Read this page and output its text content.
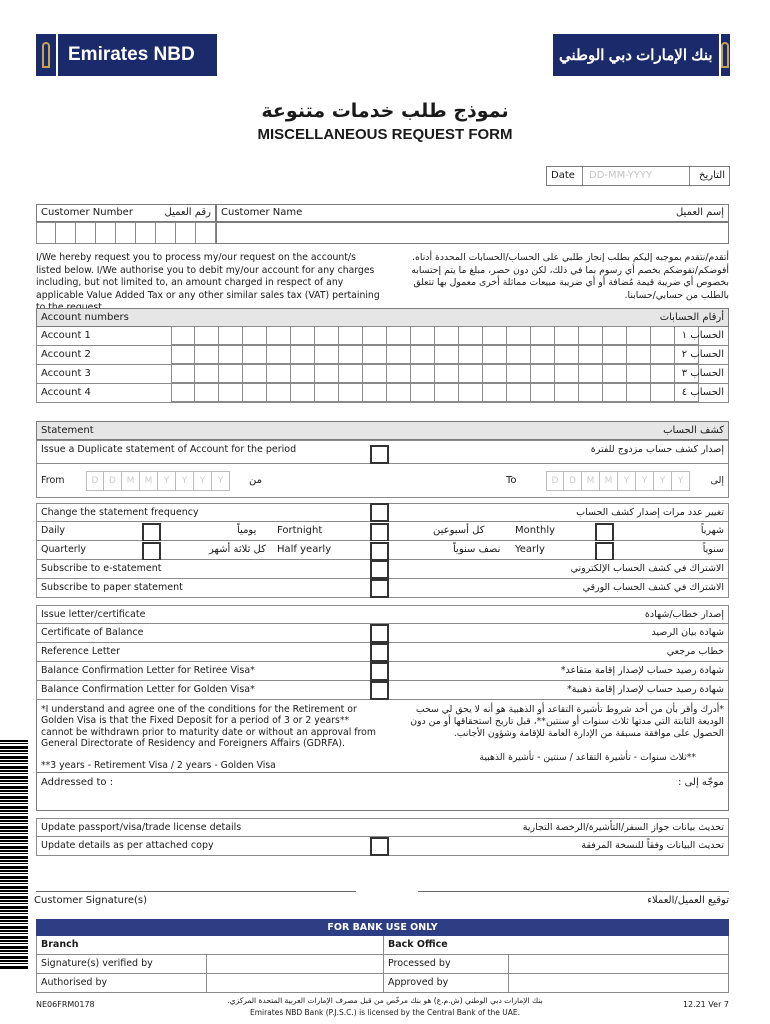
Emirates NBD	بنك الإمارات دبي الوطني
نموذج طلب خدمات متنوعة
MISCELLANEOUS REQUEST FORM
Date	DD-MM-YYYY	التاريخ
Customer Number	رقم العميل Customer Name	إسم العميل
I/We hereby request you to process my/our request on the account/s listed below. I/We authorise you to debit my/our account for any charges including, but not limited to, an amount charged in respect of any applicable Value Added Tax or any other similar sales tax (VAT) pertaining
أتقدم/نتقدم بموجبه إليكم بطلب إنجاز طلبي على الحساب/الحسابات المحددة أدناه. أفوضكم/نفوضكم بخصم أي رسوم بما في ذلك، لكن دون حصر، مبلغ ما يتم إحتسابه بخصوص أي ضريبة قيمة مُضافة أو أي ضريبة مبيعات مماثلة أخرى معمول بها تتعلق بالطلب من حسابي/حسابنا.
Account numbers	أرقام الحسابات
Account 1	الحساب ١
Account 2	الحساب ٢
Account 3	الحساب ٣
Account 4	الحساب ٤
Statement	كشف الحساب
Issue a Duplicate statement of Account for the period	إصدار كشف حساب مزدوج للفترة
From	من	To	إلى
D	D	M	M	Y	Y	Y	Y	D	D	M	M	Y	Y	Y	Y
Change the statement frequency	تغيير عدد مرات إصدار كشف الحساب
Daily	يومياً Fortnight	كل أسبوعين	Monthly	شهرياً
Quarterly	كل ثلاثة أشهر Half yearly	نصف سنوياً Yearly	سنوياً
Subscribe to e-statement	الاشتراك في كشف الحساب الإلكتروني
Subscribe to paper statement	الاشتراك في كشف الحساب الورقي
Issue letter/certificate	إصدار خطاب/شهادة
Certificate of Balance	شهادة بيان الرصيد
Reference Letter	خطاب مرجعي
Balance Confirmation Letter for Retiree Visa*	شهادة رصيد حساب لإصدار إقامة متقاعد*
Balance Confirmation Letter for Golden Visa*	شهادة رصيد حساب لإصدار إقامة ذهبية*
*I understand and agree one of the conditions for the Retirement or Golden Visa is that the Fixed Deposit for a period of 3 or 2 years** cannot be withdrawn prior to maturity date or without an approval from General Directorate of Residency and Foreigners Affairs (GDRFA).
**3 years - Retirement Visa / 2 years - Golden Visa
*أدرك وأقر بأن من أحد شروط تأشيرة التقاعد أو الذهبية هو أنه لا يحق لي سحب الوديعة الثابتة التي مدتها ثلاث سنوات أو سنتين**، قبل تاريخ استحقاقها أو من دون الحصول على موافقة مسبقة من الإدارة العامة للإقامة وشؤون الأجانب.
**ثلاث سنوات - تأشيرة التقاعد / سنتين - تأشيرة الذهبية
Addressed to :	موجّه إلى :
Update passport/visa/trade license details	تحديث بيانات جواز السفر/التأشيرة/الرخصة التجارية
Update details as per attached copy	تحديث البيانات وفقاً للنسخة المرفقة
Customer Signature(s)	توقيع العميل/العملاء
FOR BANK USE ONLY
Branch	Back Office
Signature(s) verified by	Processed by
Authorised by	Approved by
NE06FRM0178	بنك الإمارات دبي الوطني (ش.م.ع) هو بنك مرخّص من قبل مصرف الإمارات العربية المتحدة المركزي.
Emirates NBD Bank (P.J.S.C.) is licensed by the Central Bank of the UAE.
12.21 Ver 7
